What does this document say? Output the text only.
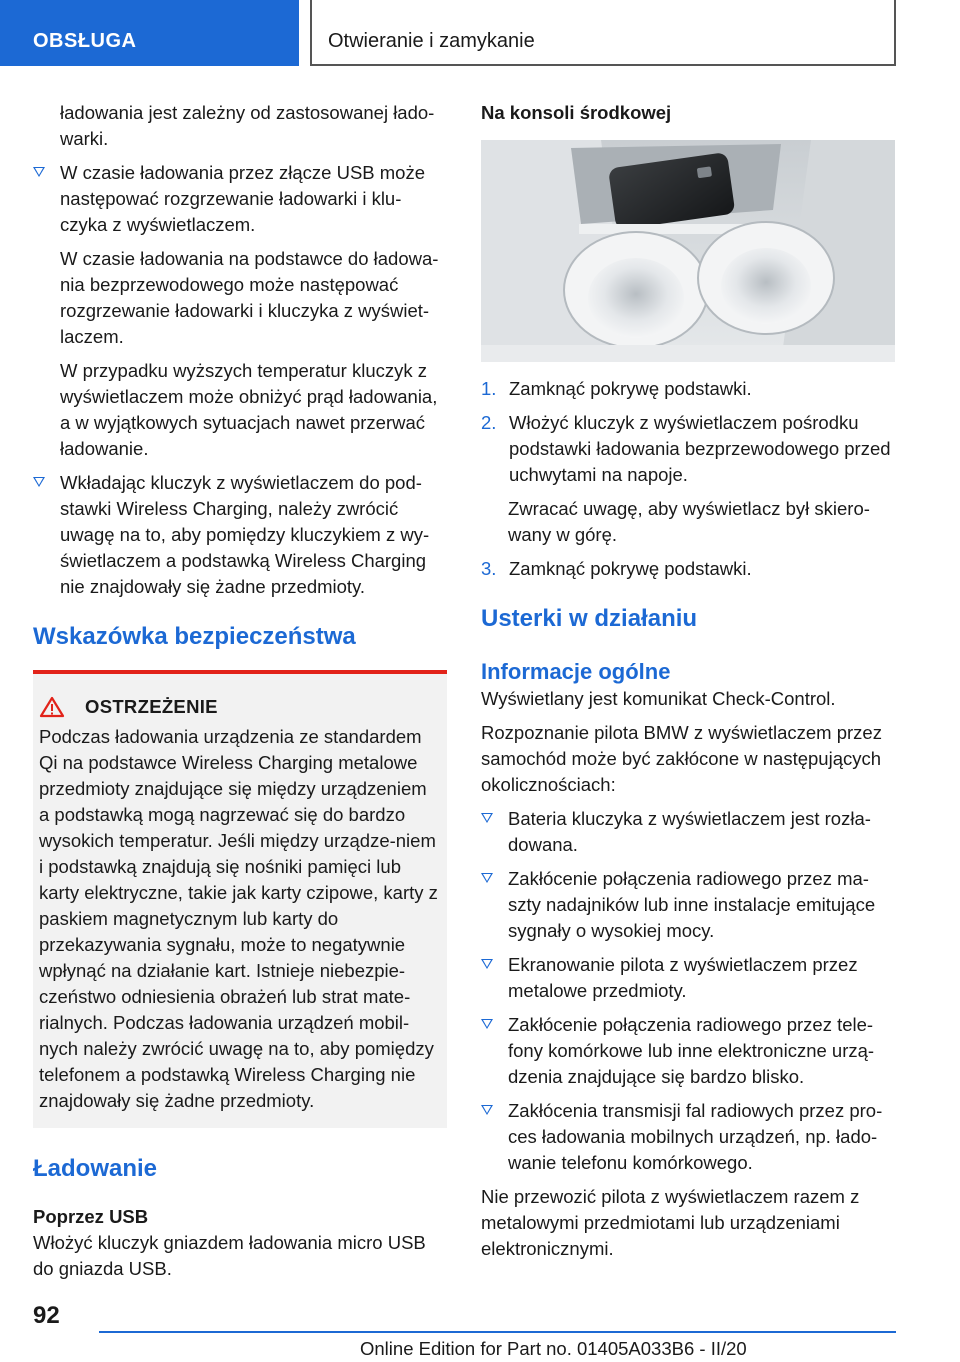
OBSŁUGA	Otwieranie i zamykanie

ładowania jest zależny od zastosowanej łado-
warki.

W czasie ładowania przez złącze USB może następować rozgrzewanie ładowarki i klu-czyka z wyświetlaczem.

W czasie ładowania na podstawce do ładowa-nia bezprzewodowego może następować rozgrzewanie ładowarki i kluczyka z wyświet-laczem.

W przypadku wyższych temperatur kluczyk z wyświetlaczem może obniżyć prąd ładowania, a w wyjątkowych sytuacjach nawet przerwać ładowanie.

Wkładając kluczyk z wyświetlaczem do pod-stawki Wireless Charging, należy zwrócić uwagę na to, aby pomiędzy kluczykiem z wy-świetlaczem a podstawką Wireless Charging nie znajdowały się żadne przedmioty.
Wskazówka bezpieczeństwa
OSTRZEŻENIE
Podczas ładowania urządzenia ze standardem Qi na podstawce Wireless Charging metalowe przedmioty znajdujące się między urządzeniem a podstawką mogą nagrzewać się do bardzo wysokich temperatur. Jeśli między urządze-niem i podstawką znajdują się nośniki pamięci lub karty elektryczne, takie jak karty czipowe, karty z paskiem magnetycznym lub karty do przekazywania sygnału, może to negatywnie wpłynąć na działanie kart. Istnieje niebezpie-czeństwo odniesienia obrażeń lub strat mate-rialnych. Podczas ładowania urządzeń mobil-nych należy zwrócić uwagę na to, aby pomiędzy telefonem a podstawką Wireless Charging nie znajdowały się żadne przedmioty.
Ładowanie
Poprzez USB

Włożyć kluczyk gniazdem ładowania micro USB do gniazda USB.

Na konsoli środkowej
1. Zamknąć pokrywę podstawki.
2. Włożyć kluczyk z wyświetlaczem pośrodku podstawki ładowania bezprzewodowego przed uchwytami na napoje.

Zwracać uwagę, aby wyświetlacz był skiero-wany w górę.

3. Zamknąć pokrywę podstawki.
Usterki w działaniu
Informacje ogólne

Wyświetlany jest komunikat Check-Control.

Rozpoznanie pilota BMW z wyświetlaczem przez samochód może być zakłócone w następujących okolicznościach:

Bateria kluczyka z wyświetlaczem jest rozła-dowana.
Zakłócenie połączenia radiowego przez ma-szty nadajników lub inne instalacje emitujące sygnały o wysokiej mocy.
Ekranowanie pilota z wyświetlaczem przez metalowe przedmioty.
Zakłócenie połączenia radiowego przez tele-fony komórkowe lub inne elektroniczne urzą-dzenia znajdujące się bardzo blisko.
Zakłócenia transmisji fal radiowych przez pro-ces ładowania mobilnych urządzeń, np. łado-wanie telefonu komórkowego.

Nie przewozić pilota z wyświetlaczem razem z metalowymi przedmiotami lub urządzeniami elektronicznymi.

92
Online Edition for Part no. 01405A033B6 - II/20
